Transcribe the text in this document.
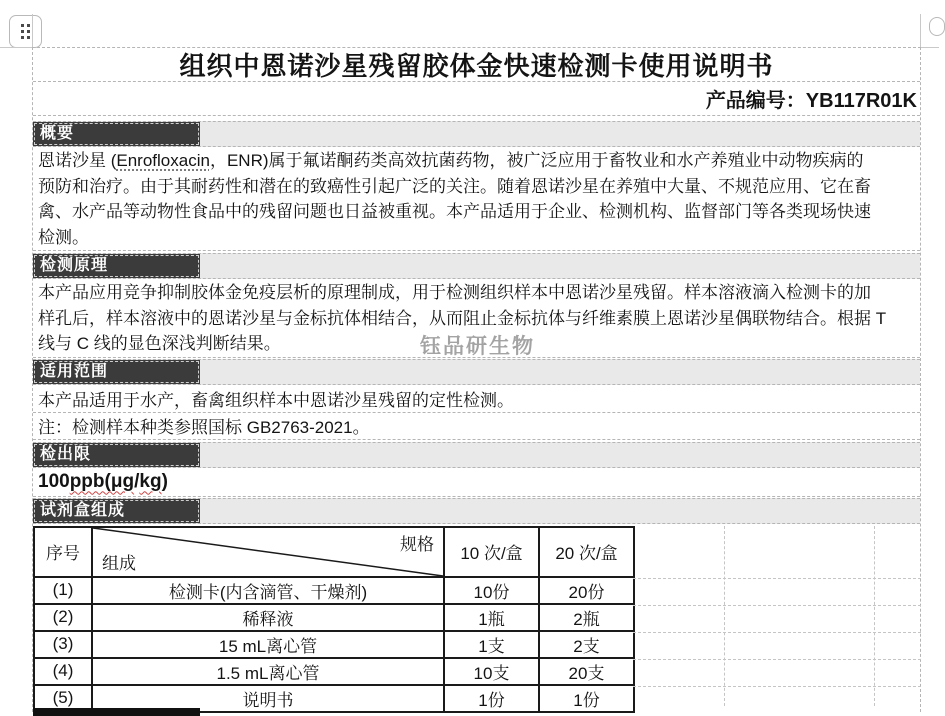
钰品研生物
组织中恩诺沙星残留胶体金快速检测卡使用说明书
产品编号：YB117R01K
概要
恩诺沙星 (Enrofloxacin，ENR)属于氟诺酮药类高效抗菌药物，被广泛应用于畜牧业和水产养殖业中动物疾病的
预防和治疗。由于其耐药性和潜在的致癌性引起广泛的关注。随着恩诺沙星在养殖中大量、不规范应用、它在畜
禽、水产品等动物性食品中的残留问题也日益被重视。本产品适用于企业、检测机构、监督部门等各类现场快速
检测。
检测原理
本产品应用竞争抑制胶体金免疫层析的原理制成，用于检测组织样本中恩诺沙星残留。样本溶液滴入检测卡的加
样孔后，样本溶液中的恩诺沙星与金标抗体相结合，从而阻止金标抗体与纤维素膜上恩诺沙星偶联物结合。根据 T
线与 C 线的显色深浅判断结果。
适用范围
本产品适用于水产，畜禽组织样本中恩诺沙星残留的定性检测。
注：检测样本种类参照国标 GB2763-2021。
检出限
100 ppb(μg / kg )
试剂盒组成
序号	规格
组成	10 次/盒	20 次/盒
(1)	检测卡(内含滴管、干燥剂)	10份	20份
(2)	稀释液	1瓶	2瓶
(3)	15 mL离心管	1支	2支
(4)	1.5 mL离心管	10支	20支
(5)	说明书	1份	1份
